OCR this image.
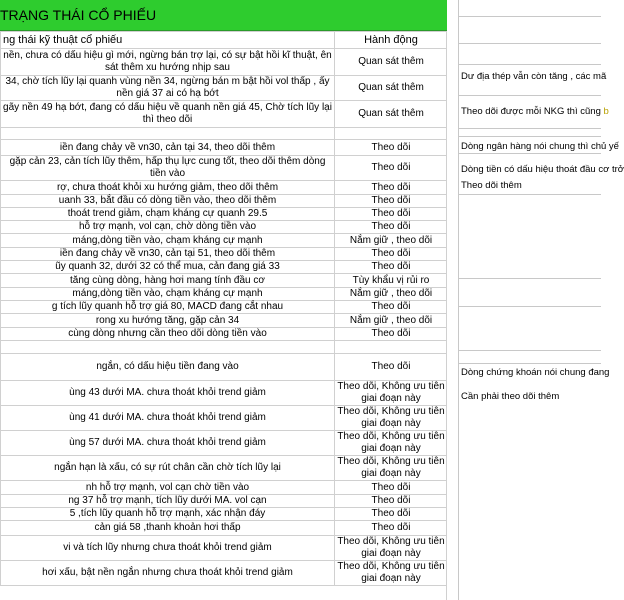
TRẠNG THÁI CỔ PHIẾU
ng thái kỹ thuật cổ phiếu	Hành động
nền, chưa có dấu hiệu gì mới, ngừng bán trợ lại, có sự bật hồi kĩ thuật, ên sát thêm xu hướng nhịp sau	Quan sát thêm
34, chờ tích lũy lại quanh vùng nền 34, ngừng bán m bật hồi vol thấp , ấy nền giá 37 ai có hạ bớt	Quan sát thêm
gãy nền 49 hạ bớt, đang có dấu hiệu về quanh nền giá 45, Chờ tích lũy lại thì theo dõi	Quan sát thêm

iền đang chảy về vn30, cản tại 34, theo dõi thêm	Theo dõi
gặp cản 23, cản tích lũy thêm, hấp thụ lực cung tốt, theo dõi thêm dòng tiền vào	Theo dõi
rợ, chưa thoát khỏi xu hướng giảm, theo dõi thêm	Theo dõi
uanh 33, bắt đầu có dòng tiền vào, theo dõi thêm	Theo dõi
thoát trend giảm, chạm kháng cự quanh 29.5	Theo dõi
hỗ trợ mạnh, vol cạn, chờ dòng tiền vào	Theo dõi
máng,dòng tiền vào, chạm kháng cự mạnh	Nắm giữ , theo dõi
iền đang chảy về vn30, cản tại 51, theo dõi thêm	Theo dõi
ũy quanh 32, dưới 32 có thể mua, cản đang giá 33	Theo dõi
tăng cùng dòng, hàng hơi mang tính đầu cơ	Tùy khẩu vị rủi ro
máng,dòng tiền vào, chạm kháng cự mạnh	Nắm giữ , theo dõi
g tích lũy quanh hỗ trợ giá 80, MACD đang cắt nhau	Theo dõi
rong xu hướng tăng, gặp cản 34	Nắm giữ , theo dõi
cùng dòng nhưng cần theo dõi dòng tiền vào	Theo dõi

ngắn, có dấu hiệu tiền đang vào	Theo dõi
ùng 43 dưới MA. chưa thoát khỏi trend giảm	Theo dõi, Không ưu tiên giai đoạn này
ùng 41 dưới MA. chưa thoát khỏi trend giảm	Theo dõi, Không ưu tiên giai đoạn này
ùng 57 dưới MA. chưa thoát khỏi trend giảm	Theo dõi, Không ưu tiên giai đoạn này
ngắn hạn là xấu, có sự rút chân cần chờ tích lũy lại	Theo dõi, Không ưu tiên giai đoạn này
nh hỗ trợ mạnh, vol cạn chờ tiền vào	Theo dõi
ng 37 hỗ trợ mạnh, tích lũy dưới MA. vol cạn	Theo dõi
5 ,tích lũy quanh hỗ trợ mạnh, xác nhận đáy	Theo dõi
cản giá 58 ,thanh khoản hơi thấp	Theo dõi
vi và tích lũy nhưng chưa thoát khỏi trend giảm	Theo dõi, Không ưu tiên giai đoạn này
hơi xấu, bật nền ngắn nhưng chưa thoát khỏi trend giảm	Theo dõi, Không ưu tiên giai đoạn này
Dư địa thép vẫn còn tăng , các mã
Theo dõi được mỗi NKG thì cũng b
Dòng ngân hàng nói chung thì chủ yế
Dòng tiền có dấu hiệu thoát đầu cơ trở
Theo dõi thêm
Dòng chứng khoán nói chung đang
Cần phải theo dõi thêm
